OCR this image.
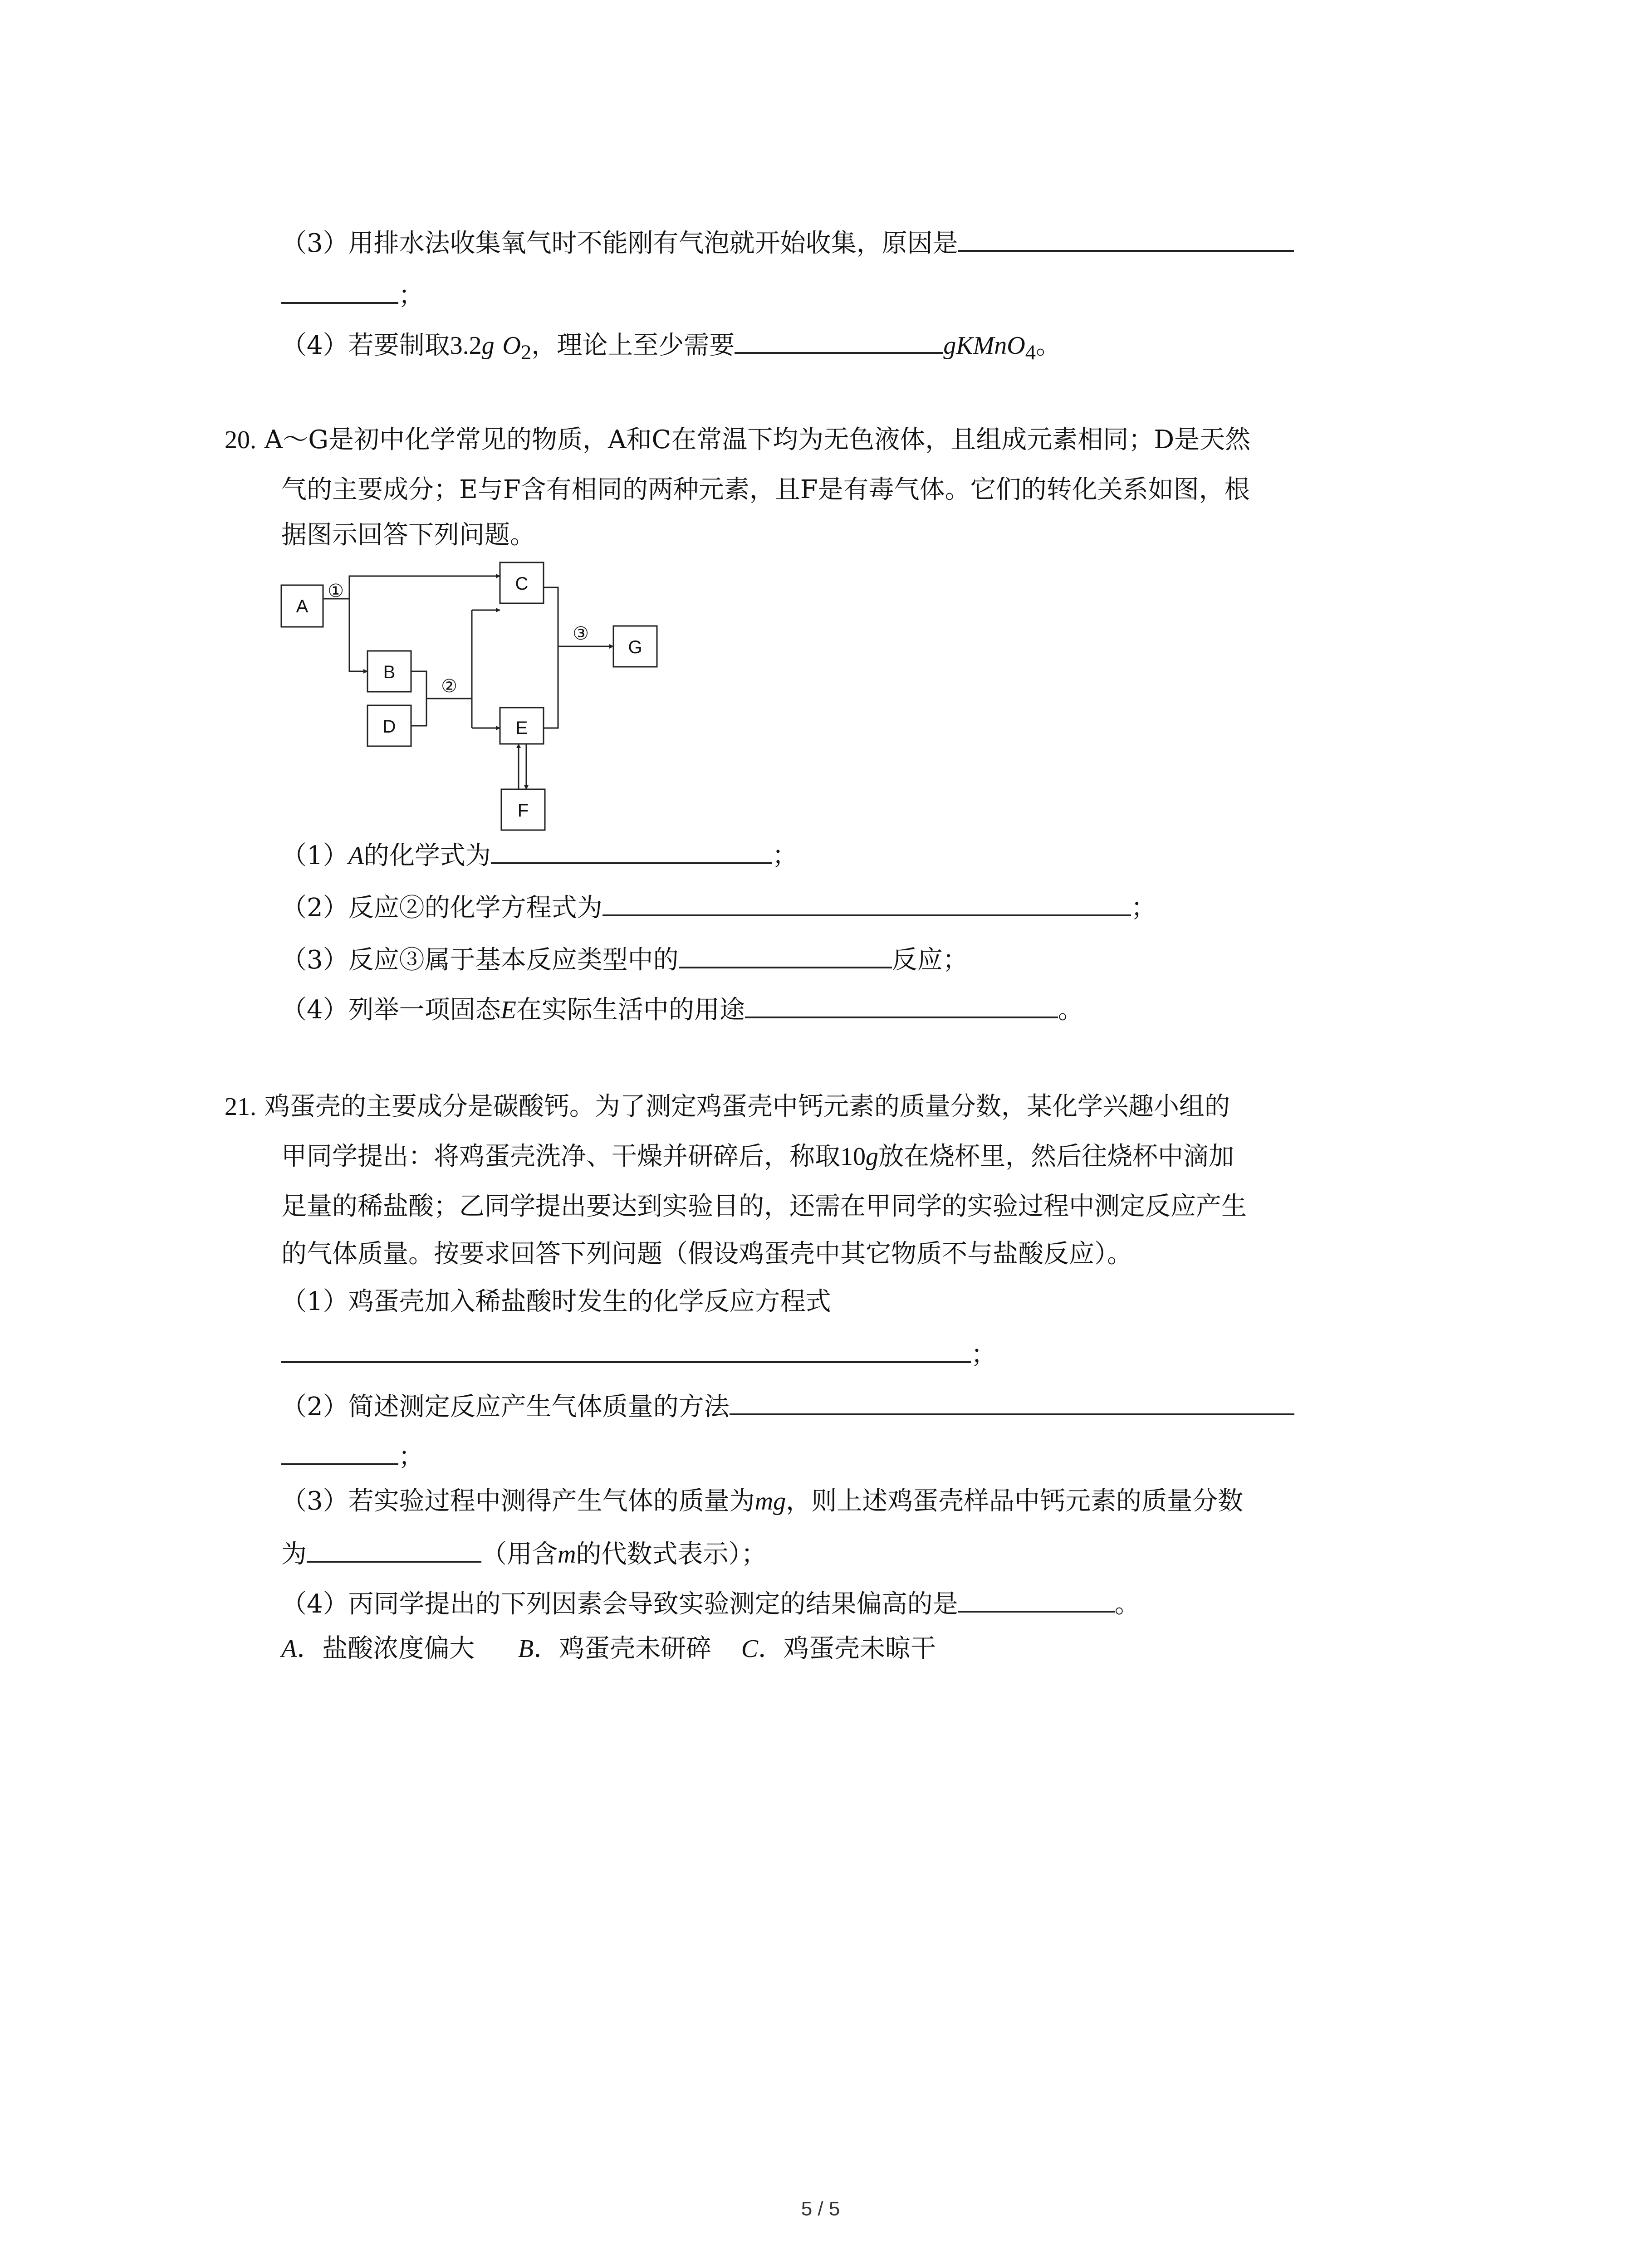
（3）用排水法收集氧气时不能刚有气泡就开始收集，原因是
；
（4）若要制取3.2g $O_2$，理论上至少需要	gKMnO$_4$。
20. A～G是初中化学常见的物质，A和C在常温下均为无色液体，且组成元素相同；D是天然
气的主要成分；E与F含有相同的两种元素，且F是有毒气体。它们的转化关系如图，根
据图示回答下列问题。
A
B
C
D	E
F
G
①
②
③
（1）A的化学式为	；
（2）反应②的化学方程式为	；
（3）反应③属于基本反应类型中的	反应；
（4）列举一项固态E在实际生活中的用途	。
21. 鸡蛋壳的主要成分是碳酸钙。为了测定鸡蛋壳中钙元素的质量分数，某化学兴趣小组的
甲同学提出：将鸡蛋壳洗净、干燥并研碎后，称取10g放在烧杯里，然后往烧杯中滴加
足量的稀盐酸；乙同学提出要达到实验目的，还需在甲同学的实验过程中测定反应产生
的气体质量。按要求回答下列问题（假设鸡蛋壳中其它物质不与盐酸反应）。
（1）鸡蛋壳加入稀盐酸时发生的化学反应方程式
；
（2）简述测定反应产生气体质量的方法
；
（3）若实验过程中测得产生气体的质量为mg，则上述鸡蛋壳样品中钙元素的质量分数
为	（用含m的代数式表示）；
（4）丙同学提出的下列因素会导致实验测定的结果偏高的是	。
A．盐酸浓度偏大 B．鸡蛋壳未研碎 C．鸡蛋壳未晾干
5 / 5
